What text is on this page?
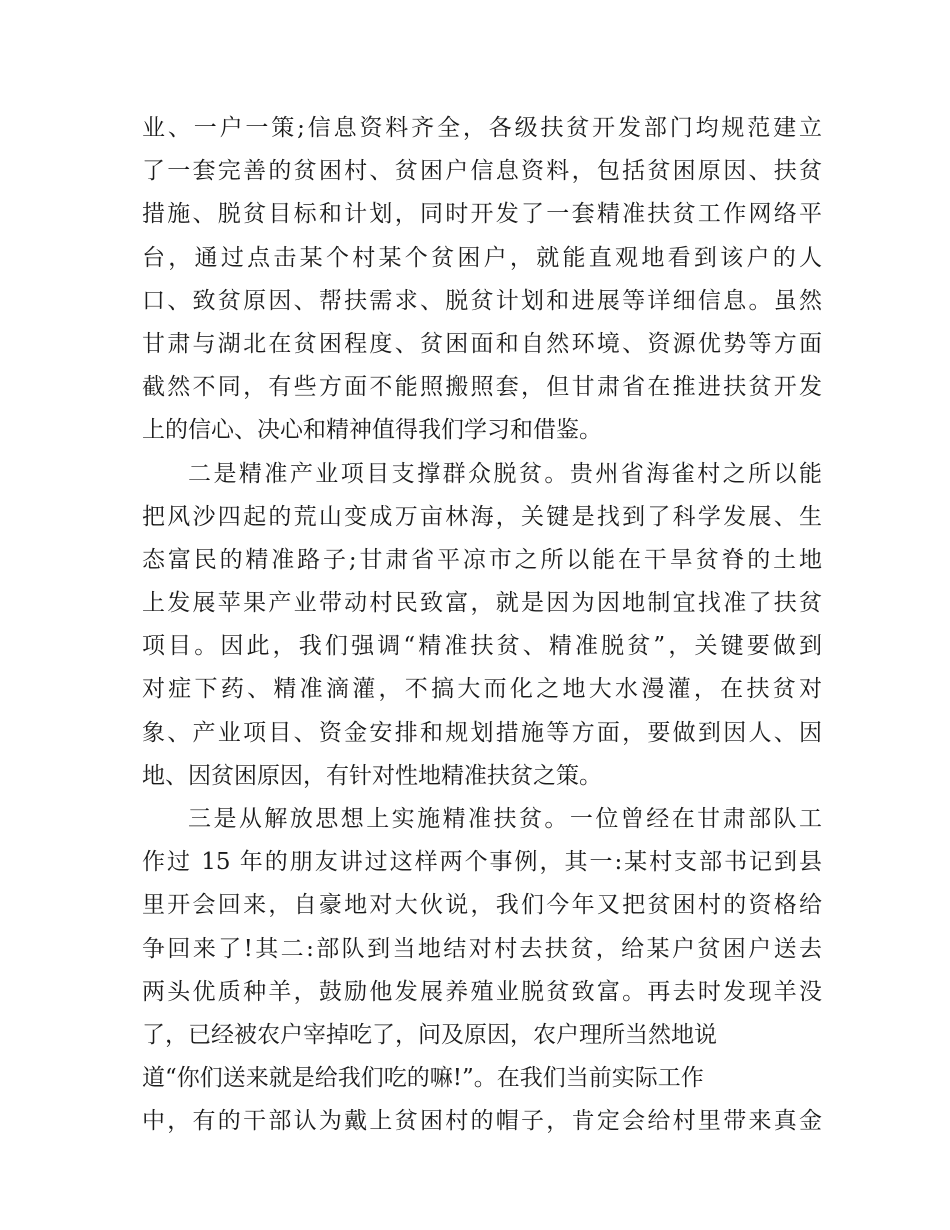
业、一户一策;信息资料齐全，各级扶贫开发部门均规范建立
了一套完善的贫困村、贫困户信息资料，包括贫困原因、扶贫
措施、脱贫目标和计划，同时开发了一套精准扶贫工作网络平
台，通过点击某个村某个贫困户，就能直观地看到该户的人
口、致贫原因、帮扶需求、脱贫计划和进展等详细信息。虽然
甘肃与湖北在贫困程度、贫困面和自然环境、资源优势等方面
截然不同，有些方面不能照搬照套，但甘肃省在推进扶贫开发
上的信心、决心和精神值得我们学习和借鉴。
二是精准产业项目支撑群众脱贫。贵州省海雀村之所以能
把风沙四起的荒山变成万亩林海，关键是找到了科学发展、生
态富民的精准路子;甘肃省平凉市之所以能在干旱贫脊的土地
上发展苹果产业带动村民致富，就是因为因地制宜找准了扶贫
项目。因此，我们强调“精准扶贫、精准脱贫”，关键要做到
对症下药、精准滴灌，不搞大而化之地大水漫灌，在扶贫对
象、产业项目、资金安排和规划措施等方面，要做到因人、因
地、因贫困原因，有针对性地精准扶贫之策。
三是从解放思想上实施精准扶贫。一位曾经在甘肃部队工
作过 15 年的朋友讲过这样两个事例，其一:某村支部书记到县
里开会回来，自豪地对大伙说，我们今年又把贫困村的资格给
争回来了!其二:部队到当地结对村去扶贫，给某户贫困户送去
两头优质种羊，鼓励他发展养殖业脱贫致富。再去时发现羊没
了，已经被农户宰掉吃了，问及原因，农户理所当然地说
道“你们送来就是给我们吃的嘛!”。在我们当前实际工作
中，有的干部认为戴上贫困村的帽子，肯定会给村里带来真金
